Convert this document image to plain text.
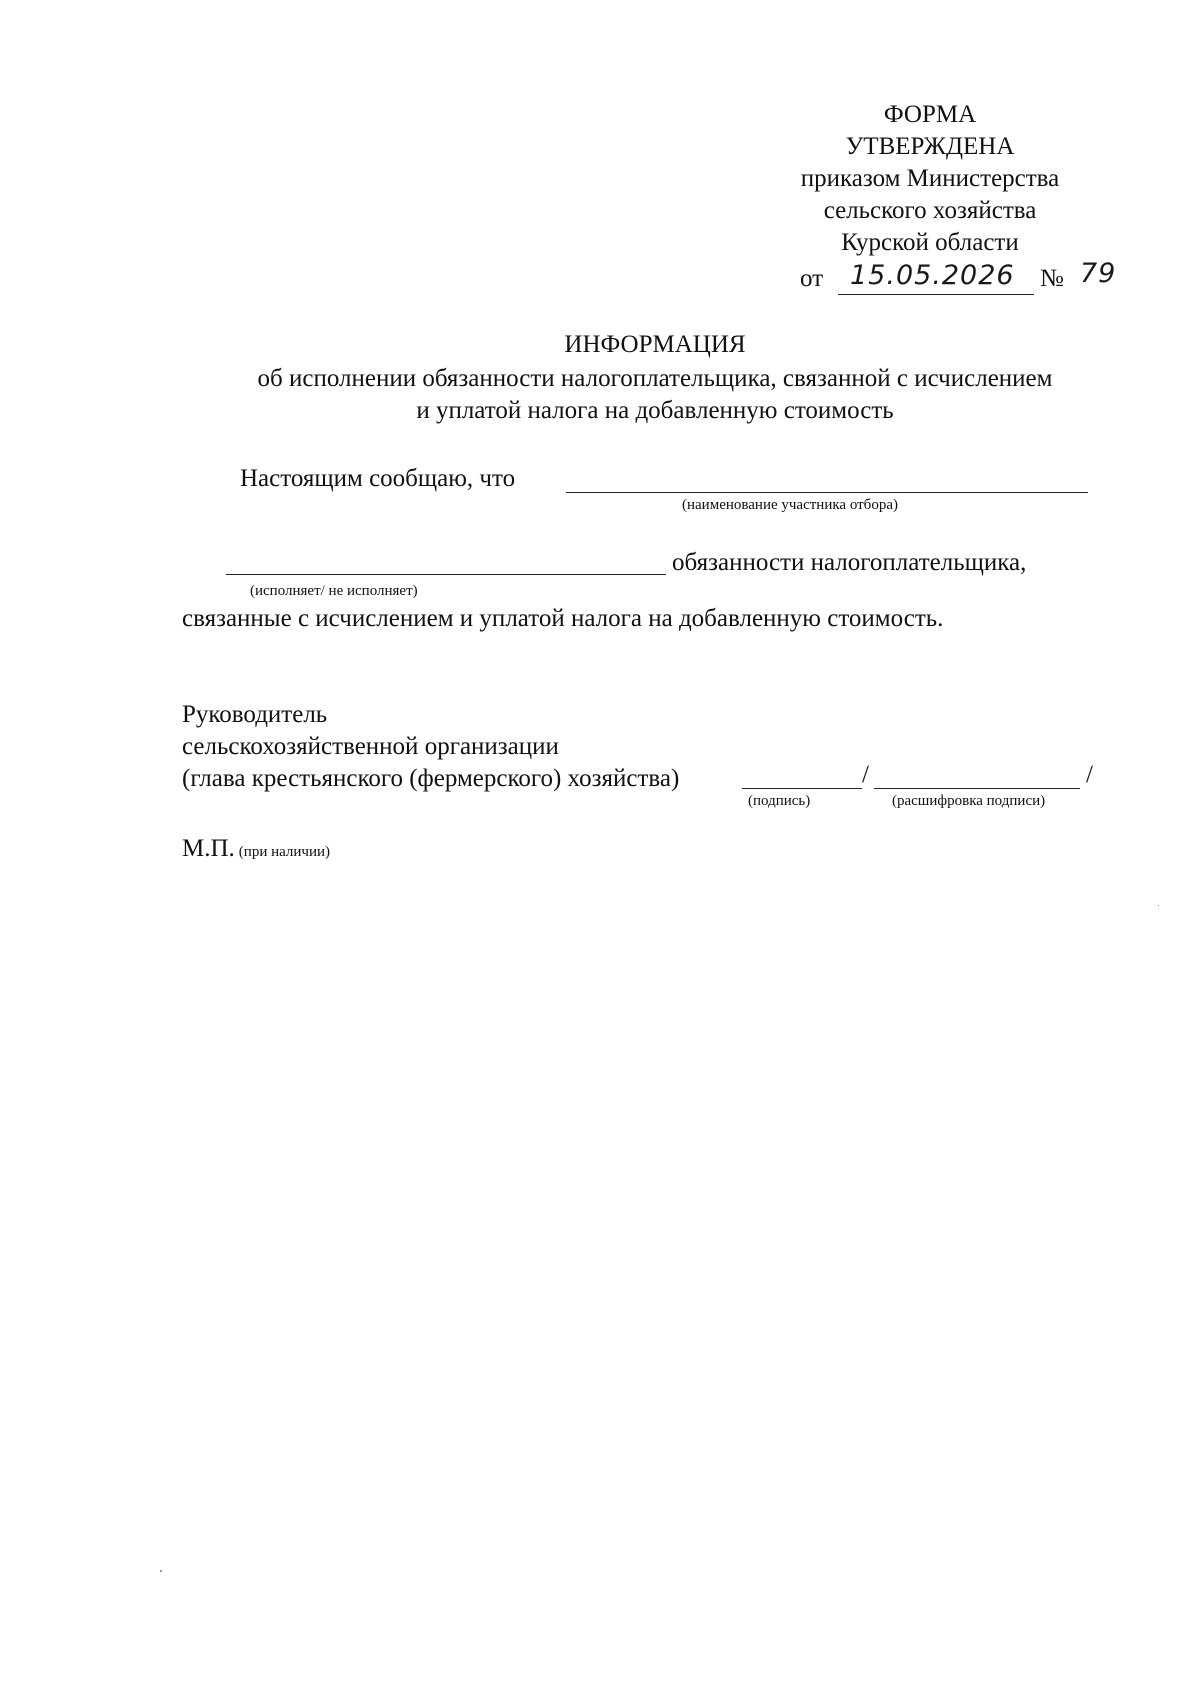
ФОРМА
УТВЕРЖДЕНА
приказом Министерства
сельского хозяйства
Курской области
от 15.05.2026 № 79
ИНФОРМАЦИЯ
об исполнении обязанности налогоплательщика, связанной с исчислением
и уплатой налога на добавленную стоимость
Настоящим сообщаю, что
(наименование участника отбора)
обязанности налогоплательщика,
(исполняет/ не исполняет)
связанные с исчислением и уплатой налога на добавленную стоимость.
Руководитель
сельскохозяйственной организации
(глава крестьянского (фермерского) хозяйства)	/	/
(подпись)	(расшифровка подписи)
М.П. (при наличии)
